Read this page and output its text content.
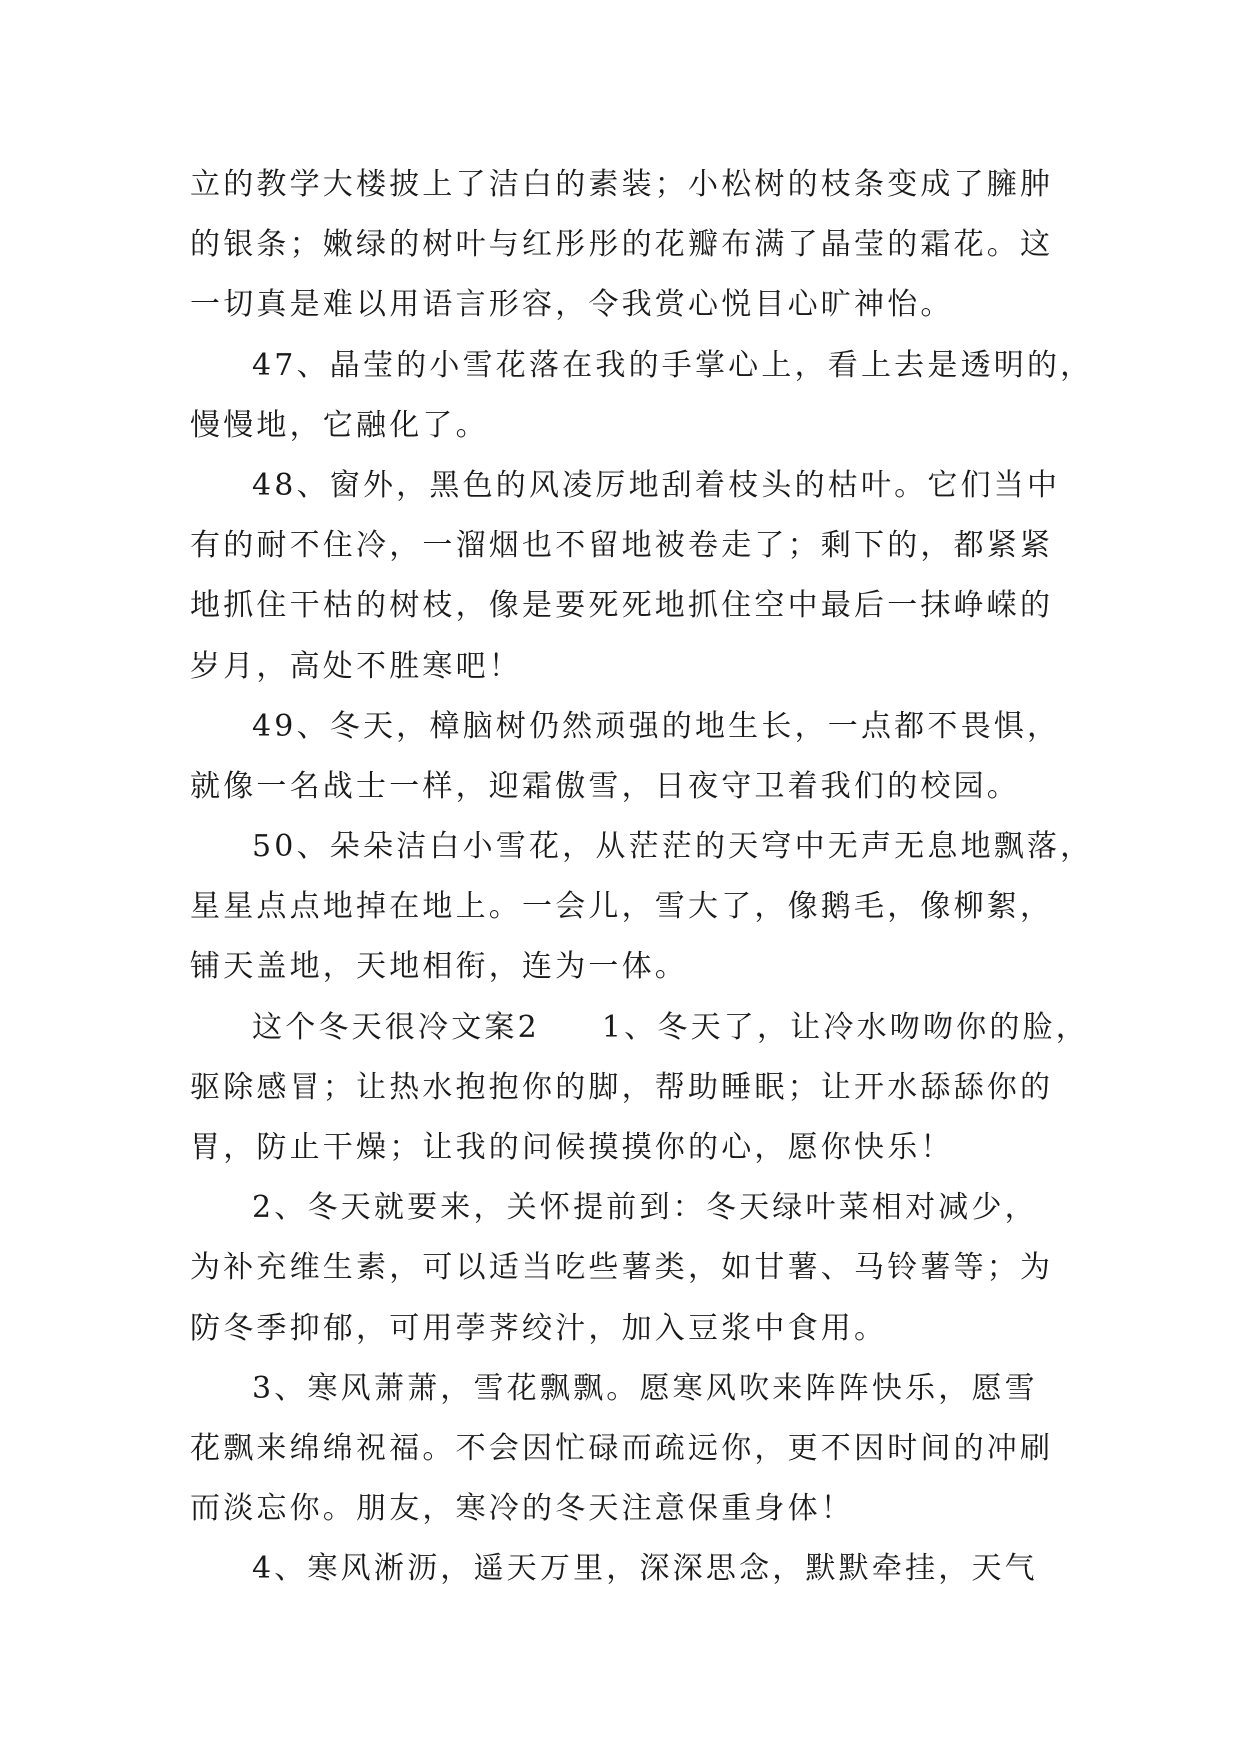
立的教学大楼披上了洁白的素装；小松树的枝条变成了臃肿
的银条；嫩绿的树叶与红彤彤的花瓣布满了晶莹的霜花。这
一切真是难以用语言形容，令我赏心悦目心旷神怡。
47、晶莹的小雪花落在我的手掌心上，看上去是透明的，
慢慢地，它融化了。
48、窗外，黑色的风凌厉地刮着枝头的枯叶。它们当中
有的耐不住冷，一溜烟也不留地被卷走了；剩下的，都紧紧
地抓住干枯的树枝，像是要死死地抓住空中最后一抹峥嵘的
岁月，高处不胜寒吧！
49、冬天，樟脑树仍然顽强的地生长，一点都不畏惧，
就像一名战士一样，迎霜傲雪，日夜守卫着我们的校园。
50、朵朵洁白小雪花，从茫茫的天穹中无声无息地飘落，
星星点点地掉在地上。一会儿，雪大了，像鹅毛，像柳絮，
铺天盖地，天地相衔，连为一体。
这个冬天很冷文案2 1、冬天了，让冷水吻吻你的脸，
驱除感冒；让热水抱抱你的脚，帮助睡眠；让开水舔舔你的
胃，防止干燥；让我的问候摸摸你的心，愿你快乐！
2、冬天就要来，关怀提前到：冬天绿叶菜相对减少，
为补充维生素，可以适当吃些薯类，如甘薯、马铃薯等；为
防冬季抑郁，可用荸荠绞汁，加入豆浆中食用。
3、寒风萧萧，雪花飘飘。愿寒风吹来阵阵快乐，愿雪
花飘来绵绵祝福。不会因忙碌而疏远你，更不因时间的冲刷
而淡忘你。朋友，寒冷的冬天注意保重身体！
4、寒风淅沥，遥天万里，深深思念，默默牵挂，天气
